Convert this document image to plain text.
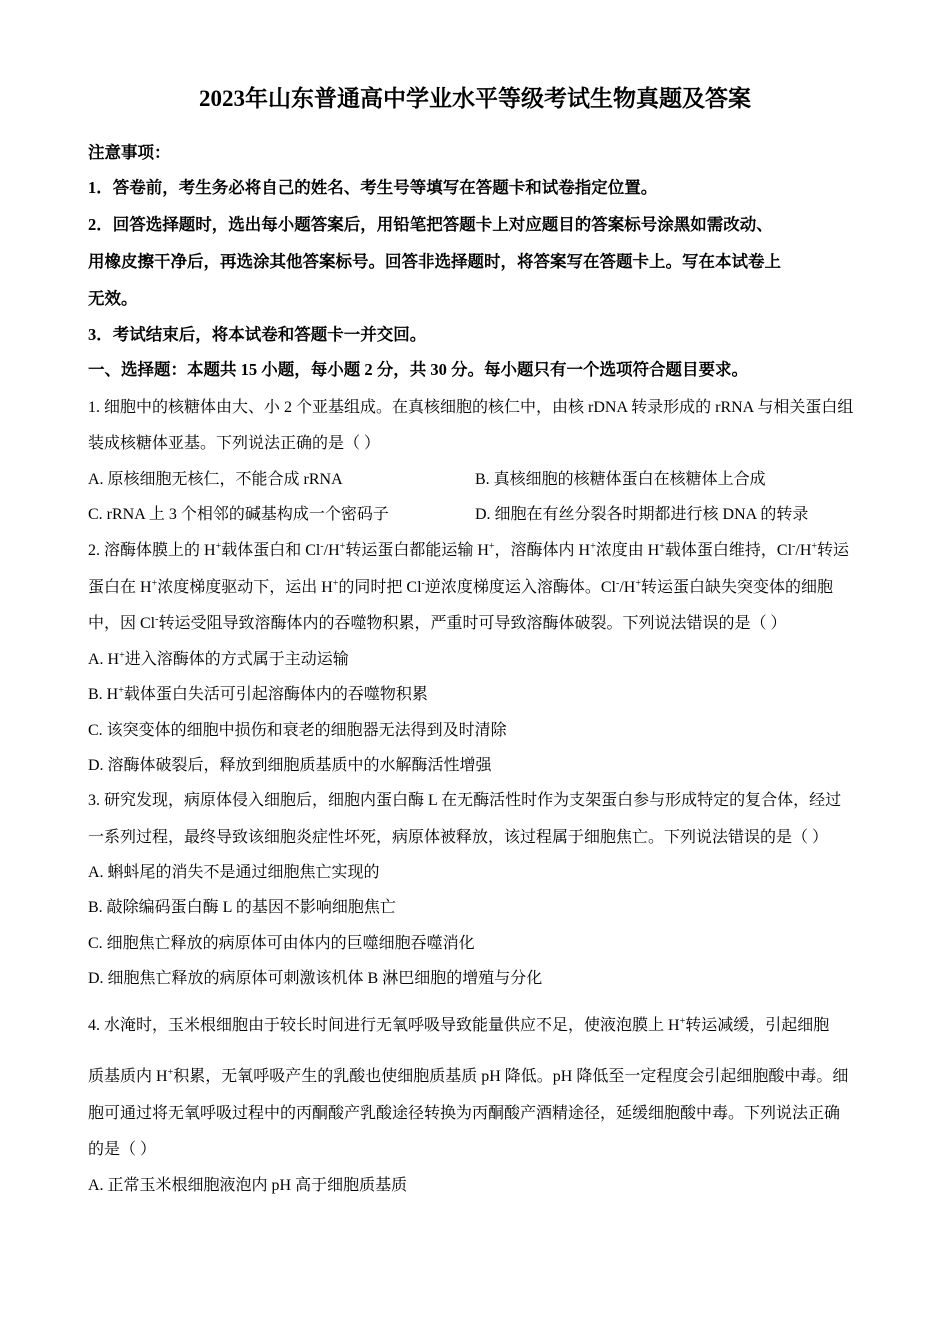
2023年山东普通高中学业水平等级考试生物真题及答案
注意事项：
1．答卷前，考生务必将自己的姓名、考生号等填写在答题卡和试卷指定位置。
2．回答选择题时，选出每小题答案后，用铅笔把答题卡上对应题目的答案标号涂黑如需改动、
用橡皮擦干净后，再选涂其他答案标号。回答非选择题时，将答案写在答题卡上。写在本试卷上
无效。
3．考试结束后，将本试卷和答题卡一并交回。
一、选择题：本题共 15 小题，每小题 2 分，共 30 分。每小题只有一个选项符合题目要求。
1. 细胞中的核糖体由大、小 2 个亚基组成。在真核细胞的核仁中，由核 rDNA 转录形成的 rRNA 与相关蛋白组
装成核糖体亚基。下列说法正确的是（ ）
A. 原核细胞无核仁，不能合成 rRNA	B. 真核细胞的核糖体蛋白在核糖体上合成
C. rRNA 上 3 个相邻的碱基构成一个密码子	D. 细胞在有丝分裂各时期都进行核 DNA 的转录
2. 溶酶体膜上的 H+载体蛋白和 Cl-/H+转运蛋白都能运输 H+，溶酶体内 H+浓度由 H+载体蛋白维持，Cl-/H+转运
蛋白在 H+浓度梯度驱动下，运出 H+的同时把 Cl-逆浓度梯度运入溶酶体。Cl-/H+转运蛋白缺失突变体的细胞
中，因 Cl-转运受阻导致溶酶体内的吞噬物积累，严重时可导致溶酶体破裂。下列说法错误的是（ ）
A. H+进入溶酶体的方式属于主动运输
B. H+载体蛋白失活可引起溶酶体内的吞噬物积累
C. 该突变体的细胞中损伤和衰老的细胞器无法得到及时清除
D. 溶酶体破裂后，释放到细胞质基质中的水解酶活性增强
3. 研究发现，病原体侵入细胞后，细胞内蛋白酶 L 在无酶活性时作为支架蛋白参与形成特定的复合体，经过
一系列过程，最终导致该细胞炎症性坏死，病原体被释放，该过程属于细胞焦亡。下列说法错误的是（ ）
A. 蝌蚪尾的消失不是通过细胞焦亡实现的
B. 敲除编码蛋白酶 L 的基因不影响细胞焦亡
C. 细胞焦亡释放的病原体可由体内的巨噬细胞吞噬消化
D. 细胞焦亡释放的病原体可刺激该机体 B 淋巴细胞的增殖与分化
4. 水淹时，玉米根细胞由于较长时间进行无氧呼吸导致能量供应不足，使液泡膜上 H+转运减缓，引起细胞
质基质内 H+积累，无氧呼吸产生的乳酸也使细胞质基质 pH 降低。pH 降低至一定程度会引起细胞酸中毒。细
胞可通过将无氧呼吸过程中的丙酮酸产乳酸途径转换为丙酮酸产酒精途径，延缓细胞酸中毒。下列说法正确
的是（ ）
A. 正常玉米根细胞液泡内 pH 高于细胞质基质
